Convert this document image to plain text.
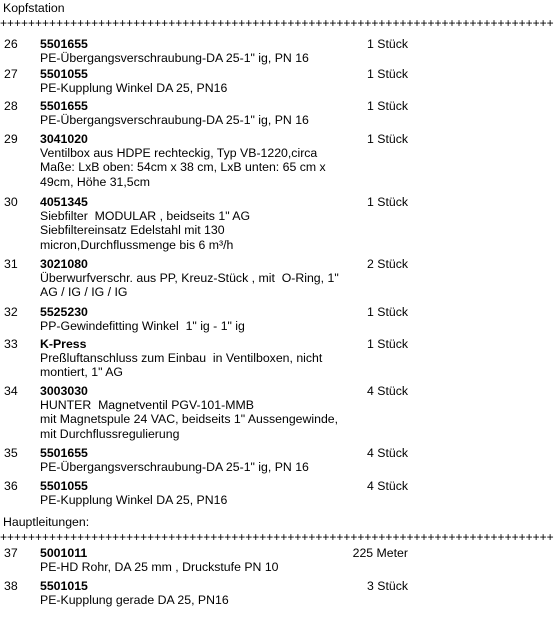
Kopfstation
+++++++++++++++++++++++++++++++++++++++++++++++++++++++++++++++++++++++++++++++
26 5501655	1 Stück
PE-Übergangsverschraubung-DA 25-1" ig, PN 16
27 5501055	1 Stück
PE-Kupplung Winkel DA 25, PN16
28 5501655	1 Stück
PE-Übergangsverschraubung-DA 25-1" ig, PN 16
29 3041020	1 Stück
Ventilbox aus HDPE rechteckig, Typ VB-1220,circa
Maße: LxB oben: 54cm x 38 cm, LxB unten: 65 cm x
49cm, Höhe 31,5cm
30 4051345	1 Stück
Siebfilter  MODULAR , beidseits 1" AG
Siebfiltereinsatz Edelstahl mit 130
micron,Durchflussmenge bis 6 m³/h
31 3021080	2 Stück
Überwurfverschr. aus PP, Kreuz-Stück , mit  O-Ring, 1"
AG / IG / IG / IG
32 5525230	1 Stück
PP-Gewindefitting Winkel  1" ig - 1" ig
33 K-Press	1 Stück
Preßluftanschluss zum Einbau  in Ventilboxen, nicht
montiert, 1" AG
34 3003030	4 Stück
HUNTER  Magnetventil PGV-101-MMB
mit Magnetspule 24 VAC, beidseits 1" Aussengewinde,
mit Durchflussregulierung
35 5501655	4 Stück
PE-Übergangsverschraubung-DA 25-1" ig, PN 16
36 5501055	4 Stück
PE-Kupplung Winkel DA 25, PN16
Hauptleitungen:
+++++++++++++++++++++++++++++++++++++++++++++++++++++++++++++++++++++++++++++++
37 5001011	225 Meter
PE-HD Rohr, DA 25 mm , Druckstufe PN 10
38 5501015	3 Stück
PE-Kupplung gerade DA 25, PN16
